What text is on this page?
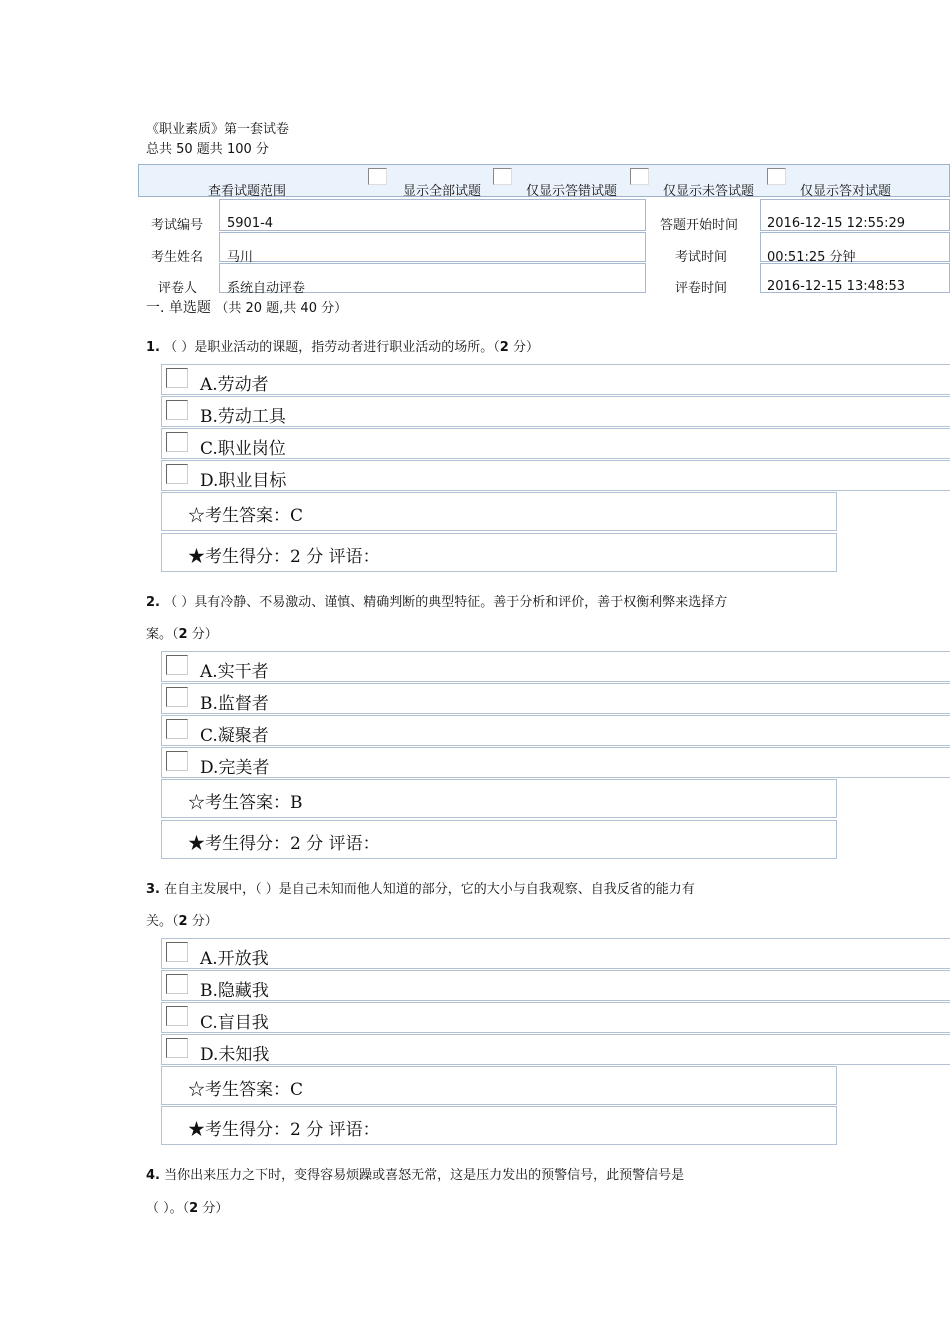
《职业素质》第一套试卷
总共 50 题共 100 分
查看试题范围	显示全部试题	仅显示答错试题	仅显示未答试题	仅显示答对试题
考试编号 5901-4	答题开始时间 2016-12-15 12:55:29
考生姓名 马川	考试时间	00:51:25 分钟
评卷人 系统自动评卷	评卷时间	2016-12-15 13:48:53
一. 单选题 （共 20 题,共 40 分）
1. （ ）是职业活动的课题，指劳动者进行职业活动的场所。（2 分）
A.劳动者
B.劳动工具
C.职业岗位
D.职业目标
☆考生答案：C
★考生得分：2 分 评语：
2. （ ）具有冷静、不易激动、谨慎、精确判断的典型特征。善于分析和评价，善于权衡利弊来选择方
案。（2 分）
A.实干者
B.监督者
C.凝聚者
D.完美者
☆考生答案：B
★考生得分：2 分 评语：
3. 在自主发展中，（ ）是自己未知而他人知道的部分，它的大小与自我观察、自我反省的能力有
关。（2 分）
A.开放我
B.隐藏我
C.盲目我
D.未知我
☆考生答案：C
★考生得分：2 分 评语：
4. 当你出来压力之下时，变得容易烦躁或喜怒无常，这是压力发出的预警信号，此预警信号是
（ ）。（2 分）
